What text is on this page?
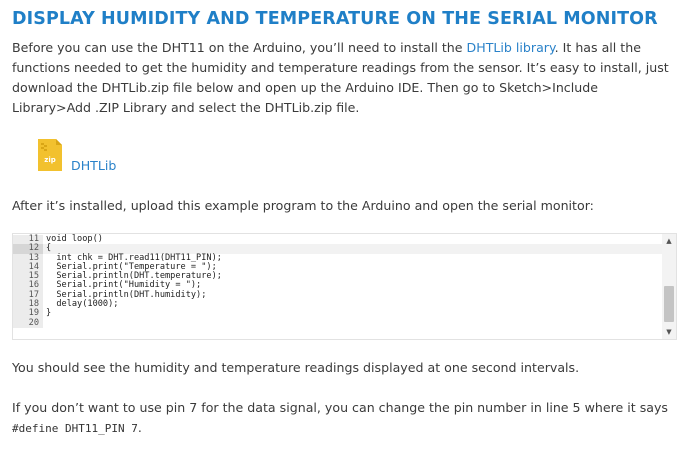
DISPLAY HUMIDITY AND TEMPERATURE ON THE SERIAL MONITOR

Before you can use the DHT11 on the Arduino, you’ll need to install the DHTLib library. It has all the functions needed to get the humidity and temperature readings from the sensor. It’s easy to install, just download the DHTLib.zip file below and open up the Arduino IDE. Then go to Sketch>Include Library>Add .ZIP Library and select the DHTLib.zip file.

zip DHTLib

After it’s installed, upload this example program to the Arduino and open the serial monitor:

11 void loop()
12 {
13 int chk = DHT.read11(DHT11_PIN);
14 Serial.print("Temperature = ");
15 Serial.println(DHT.temperature);
16 Serial.print("Humidity = ");
17 Serial.println(DHT.humidity);
18 delay(1000);
19 }
20
▲
▼

You should see the humidity and temperature readings displayed at one second intervals.

If you don’t want to use pin 7 for the data signal, you can change the pin number in line 5 where it says #define DHT11_PIN 7.
